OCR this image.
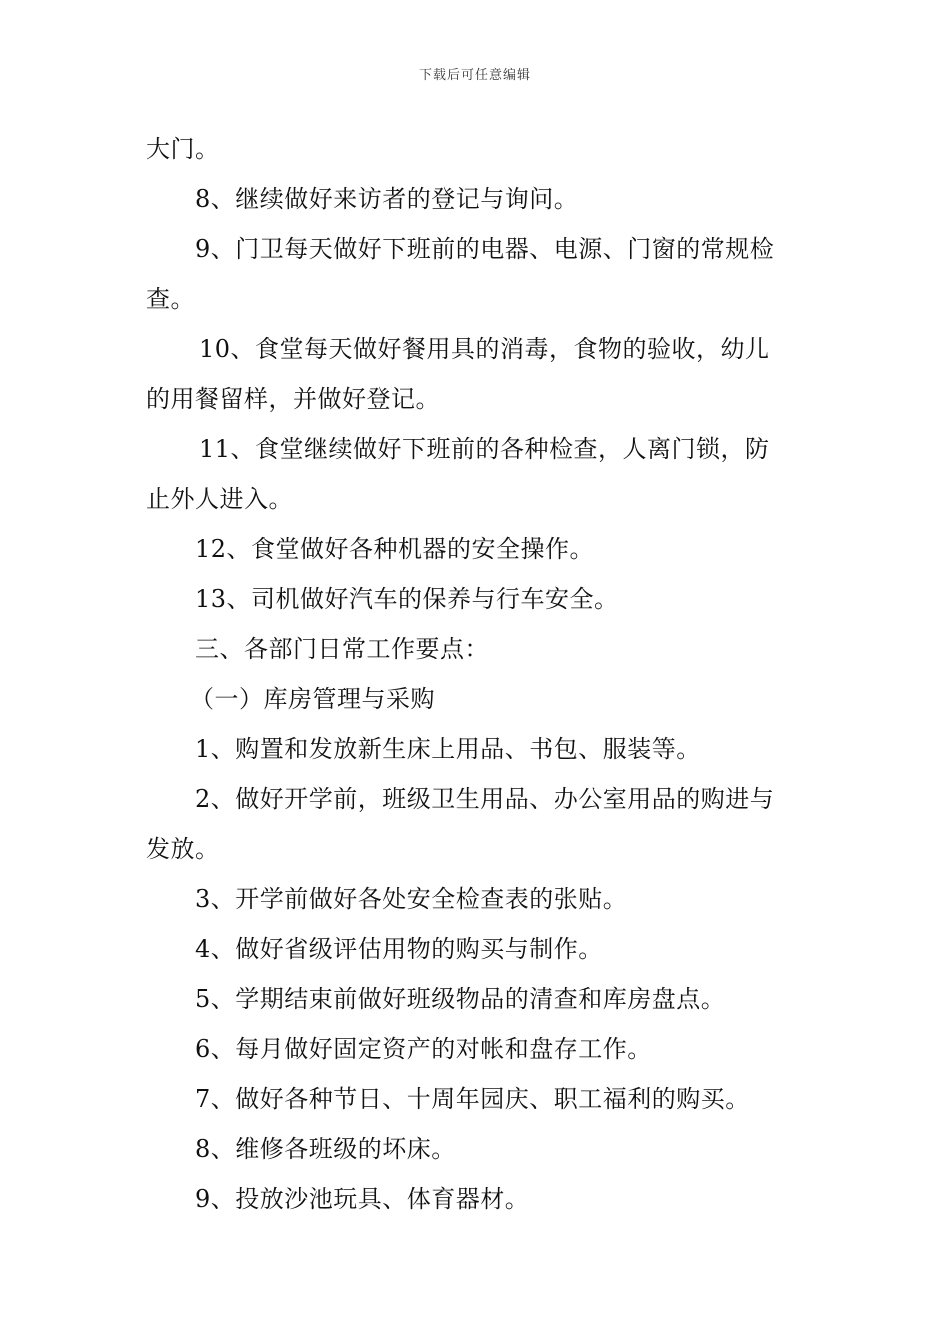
下载后可任意编辑
大门。
8、继续做好来访者的登记与询问。
9、门卫每天做好下班前的电器、电源、门窗的常规检
查。
10、食堂每天做好餐用具的消毒，食物的验收，幼儿
的用餐留样，并做好登记。
11、食堂继续做好下班前的各种检查，人离门锁，防
止外人进入。
12、食堂做好各种机器的安全操作。
13、司机做好汽车的保养与行车安全。
三、各部门日常工作要点：
（一）库房管理与采购
1、购置和发放新生床上用品、书包、服装等。
2、做好开学前，班级卫生用品、办公室用品的购进与
发放。
3、开学前做好各处安全检查表的张贴。
4、做好省级评估用物的购买与制作。
5、学期结束前做好班级物品的清查和库房盘点。
6、每月做好固定资产的对帐和盘存工作。
7、做好各种节日、十周年园庆、职工福利的购买。
8、维修各班级的坏床。
9、投放沙池玩具、体育器材。
